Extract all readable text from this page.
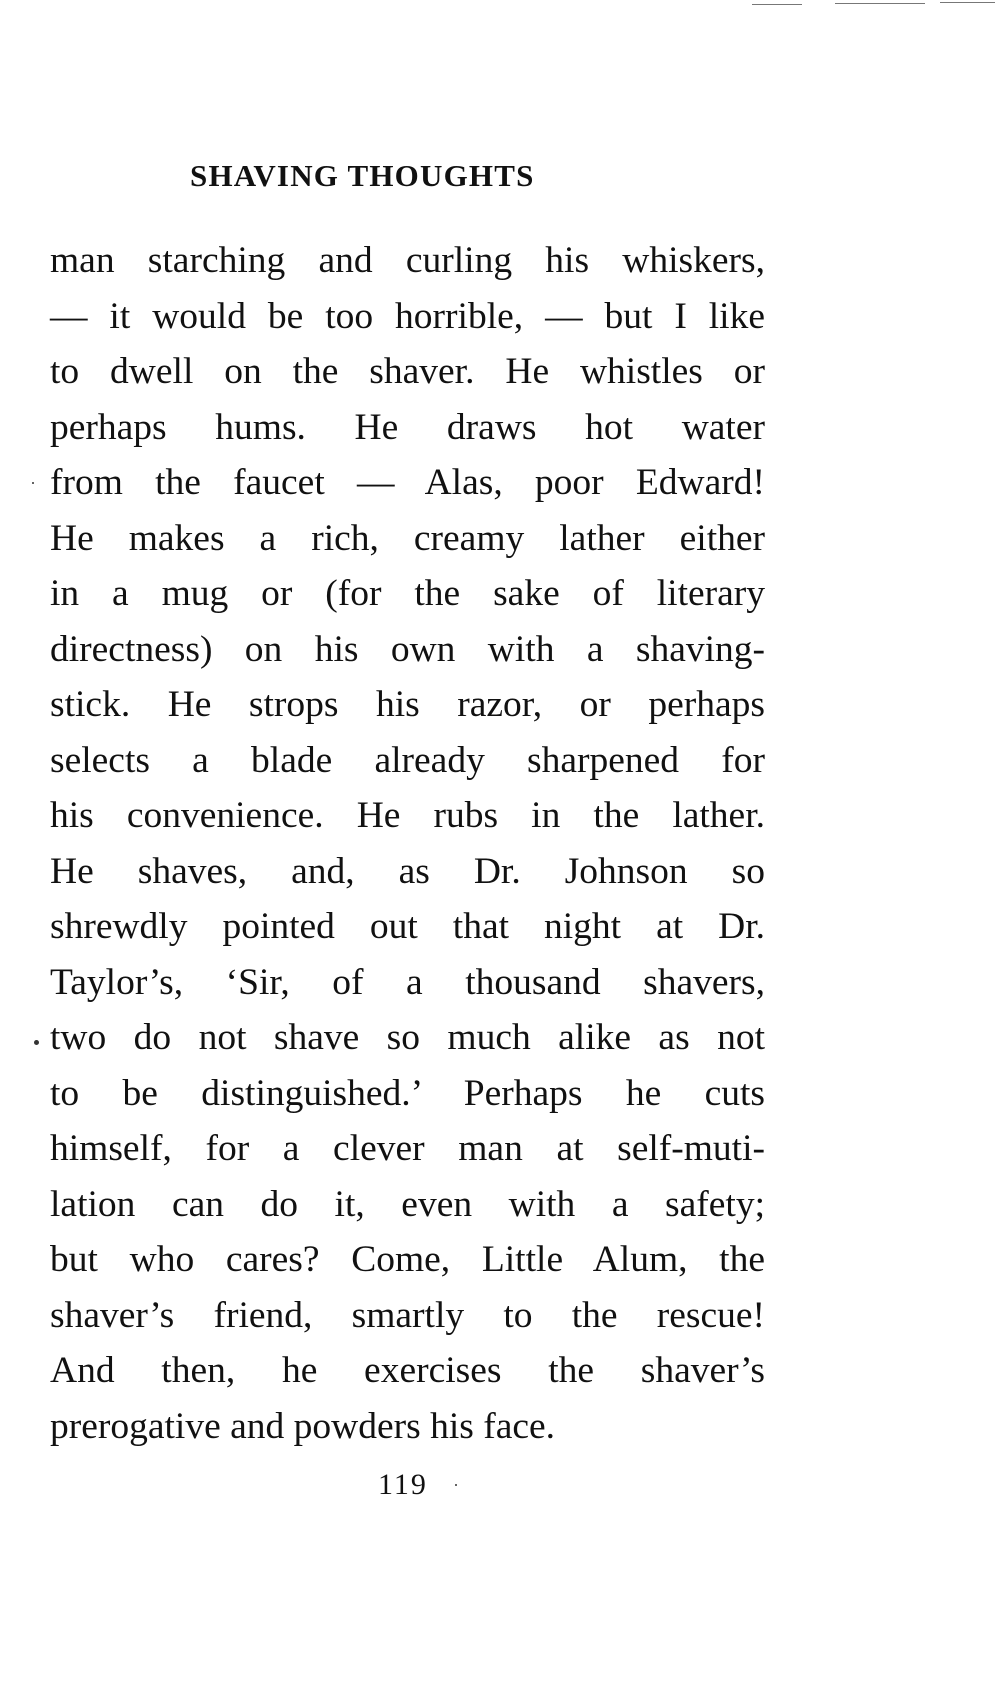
SHAVING THOUGHTS
man starching and curling his whiskers,
— it would be too horrible, — but I like
to dwell on the shaver. He whistles or
perhaps hums. He draws hot water
from the faucet — Alas, poor Edward!
He makes a rich, creamy lather either
in a mug or (for the sake of literary
directness) on his own with a shaving-
stick. He strops his razor, or perhaps
selects a blade already sharpened for
his convenience. He rubs in the lather.
He shaves, and, as Dr. Johnson so
shrewdly pointed out that night at Dr.
Taylor’s, ‘Sir, of a thousand shavers,
two do not shave so much alike as not
to be distinguished.’ Perhaps he cuts
himself, for a clever man at self-muti-
lation can do it, even with a safety;
but who cares? Come, Little Alum, the
shaver’s friend, smartly to the rescue!
And then, he exercises the shaver’s
prerogative and powders his face.
119
